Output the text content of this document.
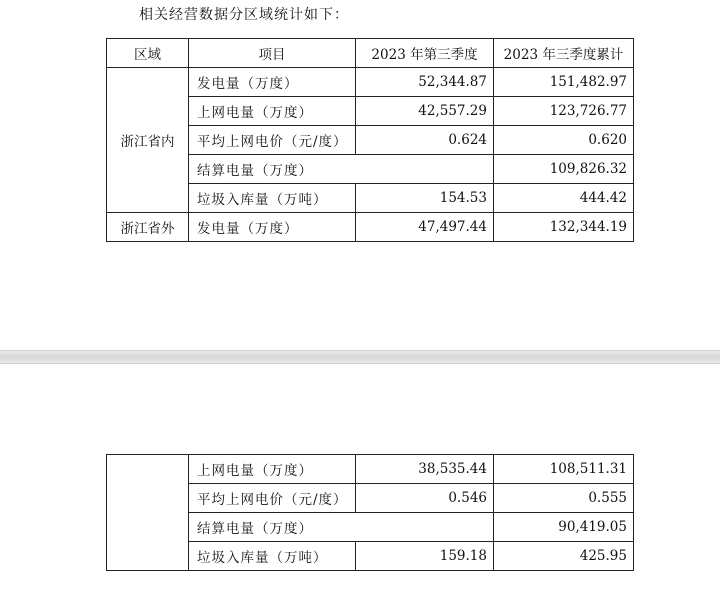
相关经营数据分区域统计如下：
区域	项目	2023 年第三季度	2023 年三季度累计
浙江省内	发电量（万度）	52,344.87	151,482.97
	上网电量（万度）	42,557.29	123,726.77
	平均上网电价（元/度）	0.624	0.620
	结算电量（万度）		109,826.32
	垃圾入库量（万吨）	154.53	444.42
浙江省外	发电量（万度）	47,497.44	132,344.19
	上网电量（万度）	38,535.44	108,511.31
	平均上网电价（元/度）	0.546	0.555
	结算电量（万度）		90,419.05
	垃圾入库量（万吨）	159.18	425.95
